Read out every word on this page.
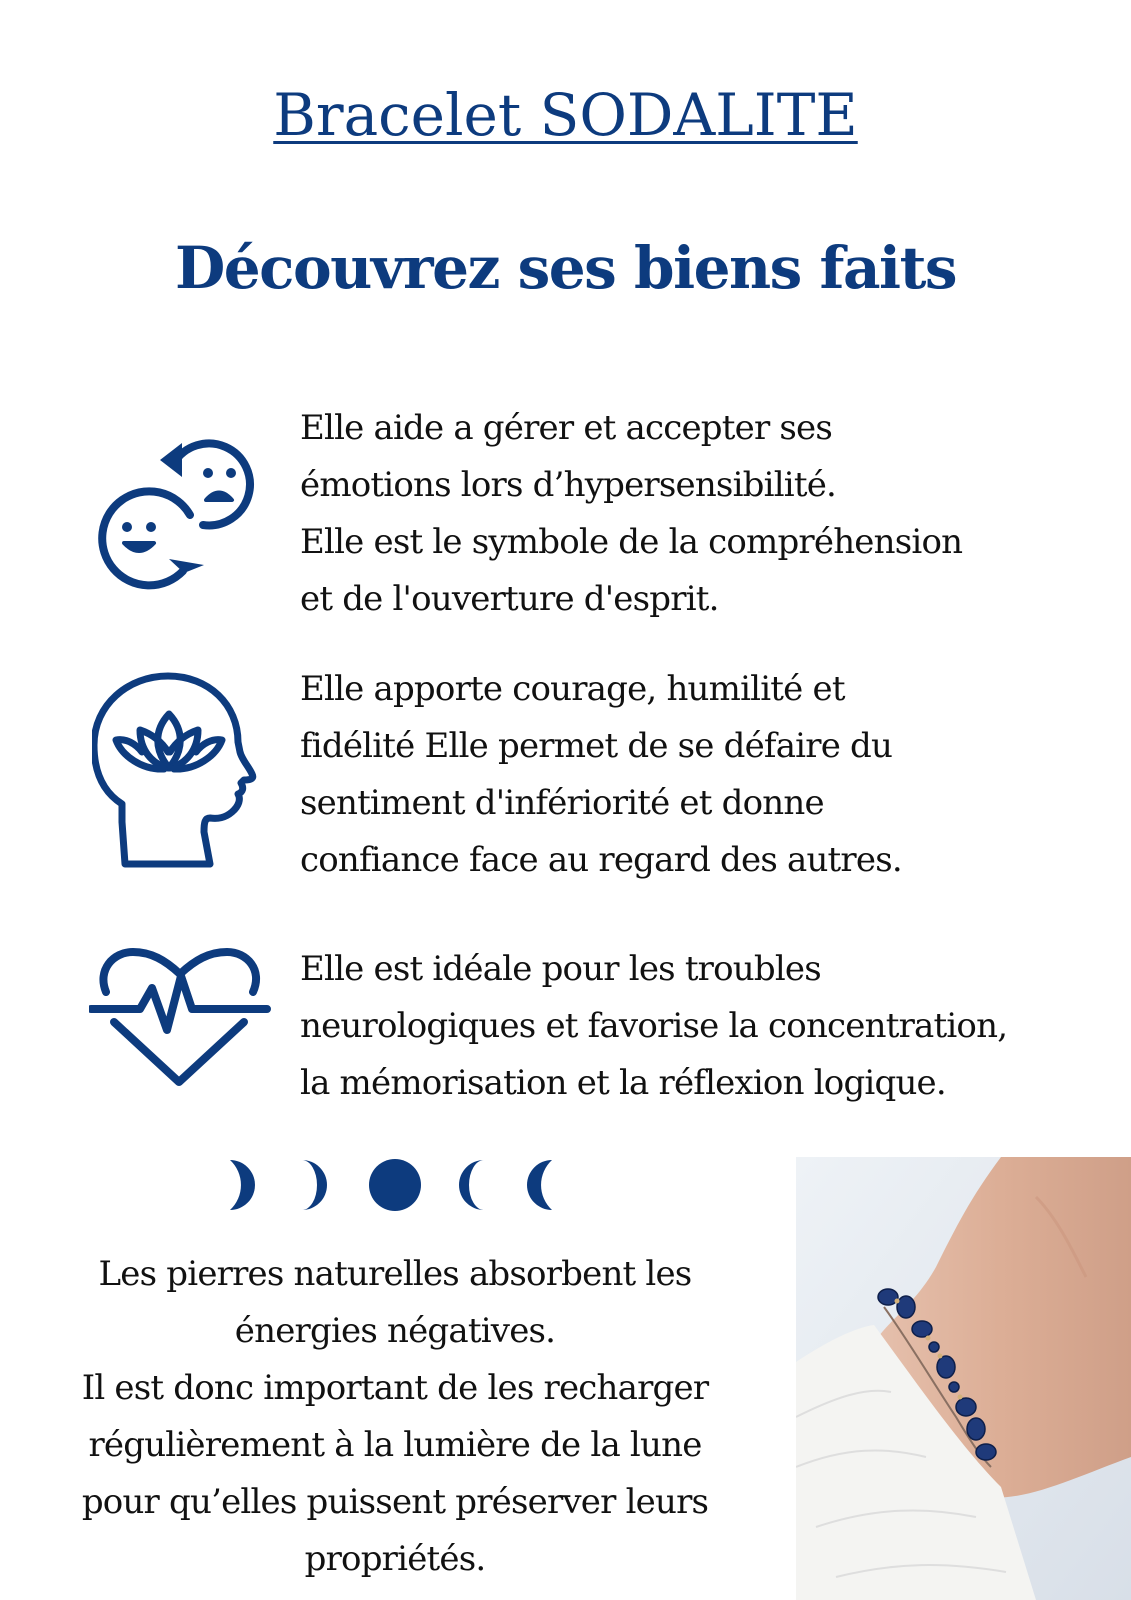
Bracelet SODALITE
Découvrez ses biens faits
Elle aide a gérer et accepter ses
émotions lors d’hypersensibilité.
Elle est le symbole de la compréhension
et de l'ouverture d'esprit.
Elle apporte courage, humilité et
fidélité Elle permet de se défaire du
sentiment d'infériorité et donne
confiance face au regard des autres.
Elle est idéale pour les troubles
neurologiques et favorise la concentration,
la mémorisation et la réflexion logique.
Les pierres naturelles absorbent les
énergies négatives.
Il est donc important de les recharger
régulièrement à la lumière de la lune
pour qu’elles puissent préserver leurs
propriétés.
